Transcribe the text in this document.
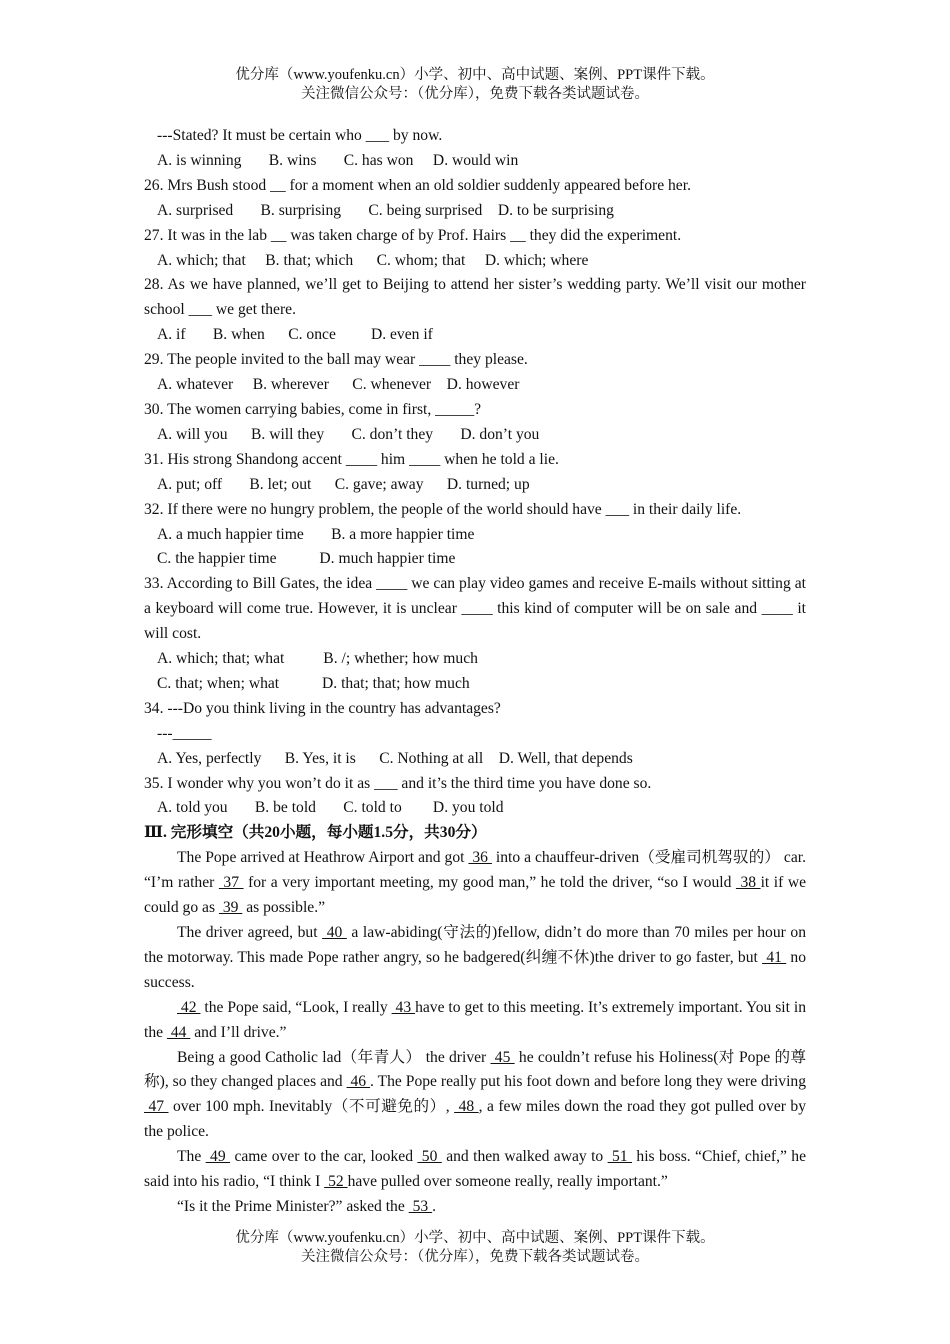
优分库（www.youfenku.cn）小学、初中、高中试题、案例、PPT课件下载。
关注微信公众号：（优分库），免费下载各类试题试卷。

---Stated? It must be certain who ___ by now.

A. is winning       B. wins       C. has won     D. would win

26. Mrs Bush stood __ for a moment when an old soldier suddenly appeared before her.

A. surprised       B. surprising       C. being surprised    D. to be surprising

27. It was in the lab __ was taken charge of by Prof. Hairs __ they did the experiment.

A. which; that     B. that; which      C. whom; that     D. which; where

28. As we have planned, we’ll get to Beijing to attend her sister’s wedding party. We’ll visit our mother school ___ we get there.

A. if       B. when      C. once         D. even if

29. The people invited to the ball may wear ____ they please.

A. whatever     B. wherever      C. whenever    D. however

30. The women carrying babies, come in first, _____?

A. will you      B. will they       C. don’t they       D. don’t you

31. His strong Shandong accent ____ him ____ when he told a lie.

A. put; off       B. let; out      C. gave; away      D. turned; up

32. If there were no hungry problem, the people of the world should have ___ in their daily life.

A. a much happier time       B. a more happier time

C. the happier time           D. much happier time

33. According to Bill Gates, the idea ____ we can play video games and receive E-mails without sitting at a keyboard will come true. However, it is unclear ____ this kind of computer will be on sale and ____ it will cost.

A. which; that; what          B. /; whether; how much

C. that; when; what           D. that; that; how much

34. ---Do you think living in the country has advantages?

---_____

A. Yes, perfectly      B. Yes, it is      C. Nothing at all    D. Well, that depends

35. I wonder why you won’t do it as ___ and it’s the third time you have done so.

A. told you       B. be told       C. told to        D. you told

Ⅲ. 完形填空（共20小题，每小题1.5分，共30分）

The Pope arrived at Heathrow Airport and got  36  into a chauffeur-driven（受雇司机驾驭的） car. “I’m rather  37  for a very important meeting, my good man,” he told the driver, “so I would  38 it if we could go as  39  as possible.”

The driver agreed, but  40  a law-abiding(守法的)fellow, didn’t do more than 70 miles per hour on the motorway. This made Pope rather angry, so he badgered(纠缠不休)the driver to go faster, but  41  no success.

42  the Pope said, “Look, I really  43 have to get to this meeting. It’s extremely important. You sit in the  44  and I’ll drive.”

Being a good Catholic lad（年青人） the driver  45  he couldn’t refuse his Holiness(对 Pope 的尊称), so they changed places and  46 . The Pope really put his foot down and before long they were driving  47  over 100 mph. Inevitably（不可避免的）,  48 , a few miles down the road they got pulled over by the police.

The  49  came over to the car, looked  50  and then walked away to  51  his boss. “Chief, chief,” he said into his radio, “I think I  52 have pulled over someone really, really important.”

“Is it the Prime Minister?” asked the  53 .

优分库（www.youfenku.cn）小学、初中、高中试题、案例、PPT课件下载。
关注微信公众号：（优分库），免费下载各类试题试卷。
